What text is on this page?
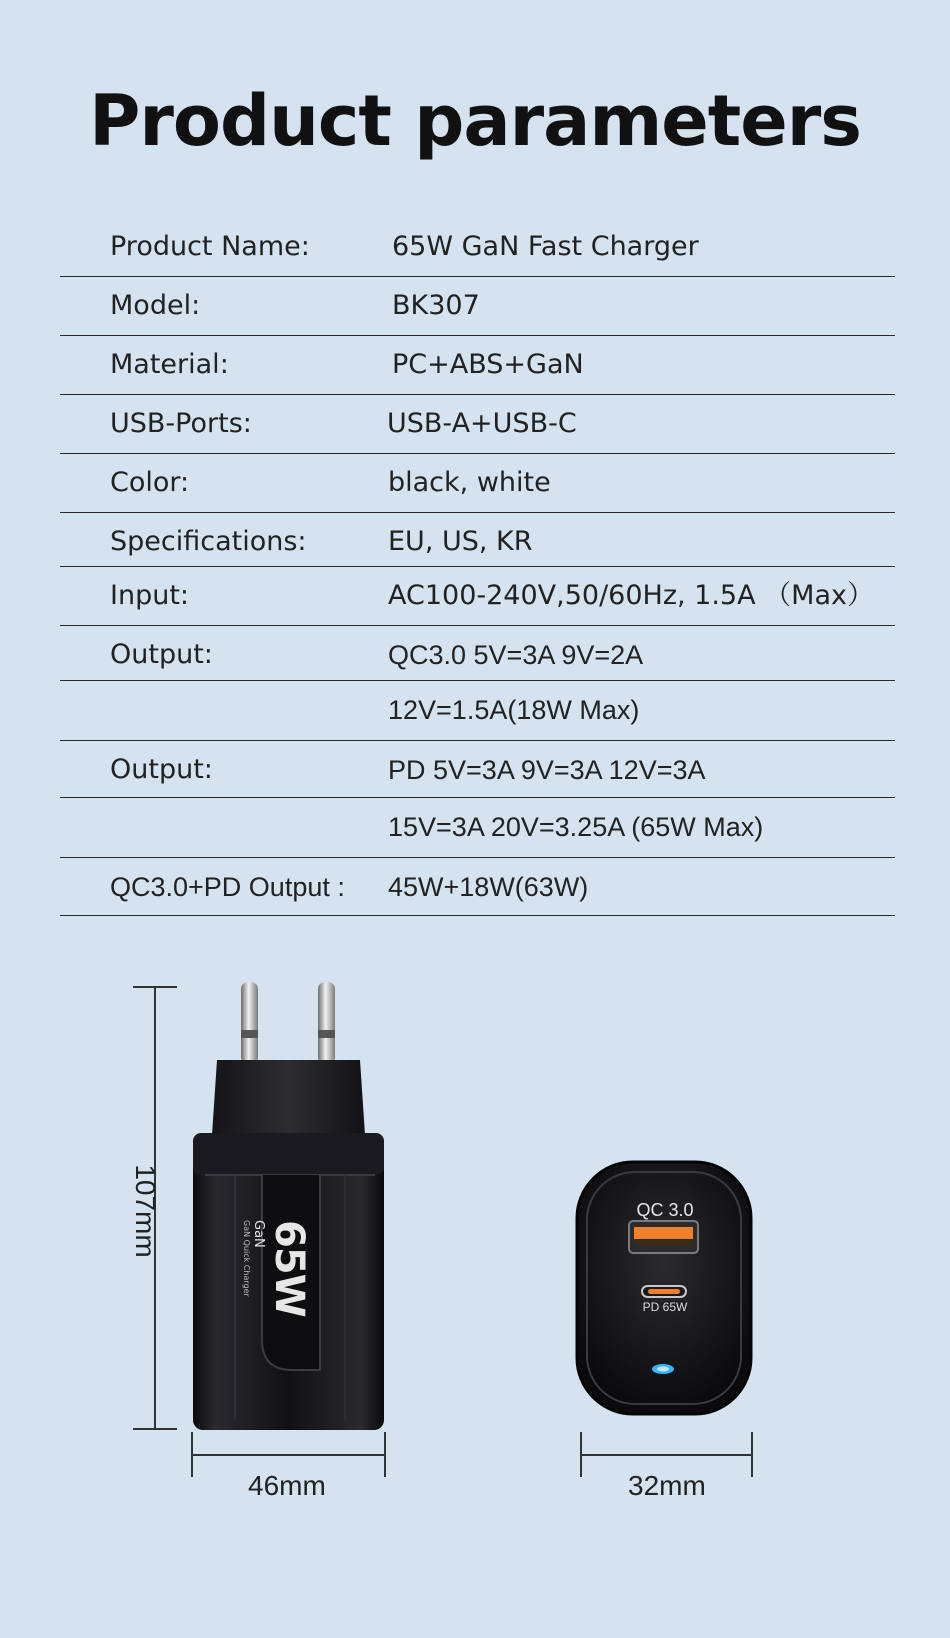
Product parameters
Product Name:	65W GaN Fast Charger
Model:	BK307
Material:	PC+ABS+GaN
USB-Ports:	USB-A+USB-C
Color:	black, white
Specifications:	EU, US, KR
Input:	AC100-240V,50/60Hz, 1.5A （Max）
Output:	QC3.0 5V=3A 9V=2A
12V=1.5A(18W Max)
Output:	PD 5V=3A 9V=3A 12V=3A
15V=3A 20V=3.25A (65W Max)
QC3.0+PD Output : 45W+18W(63W)
107mm
46mm	32mm
65W $^{GaN}$
GaN Quick Charger
QC 3.0
PD 65W
